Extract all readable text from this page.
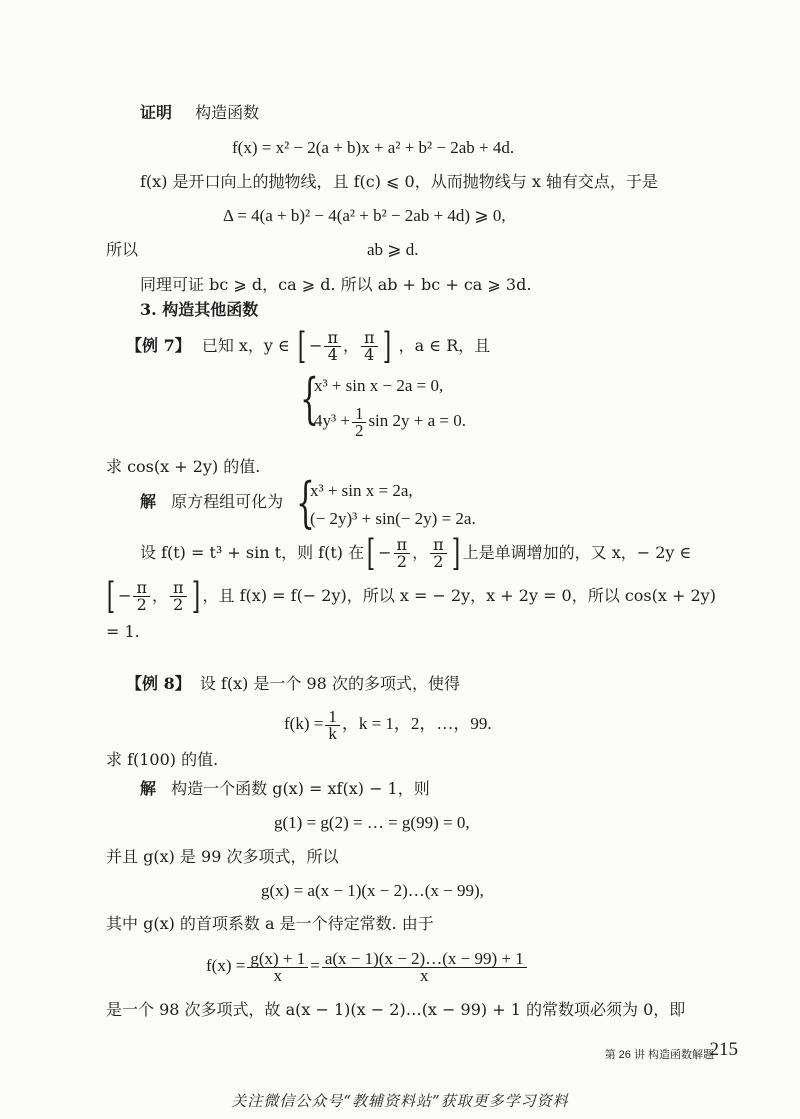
证明 构造函数
f(x) = x² − 2(a + b)x + a² + b² − 2ab + 4d.
f(x) 是开口向上的抛物线，且 f(c) ⩽ 0，从而抛物线与 x 轴有交点，于是
Δ = 4(a + b)² − 4(a² + b² − 2ab + 4d) ⩾ 0,
所以	ab ⩾ d.
同理可证 bc ⩾ d，ca ⩾ d. 所以 ab + bc + ca ⩾ 3d.
3. 构造其他函数
【例 7】 已知 x，y ∈ [ − $\frac{\pi}{4}$ ， $\frac{\pi}{4}$ ] ，a ∈ R，且
{
x³ + sin x − 2a = 0,
$4y^3 + \frac{1}{2}$ sin 2y + a = 0.
求 cos(x + 2y) 的值.
解 原方程组可化为 {
x³ + sin x = 2a,
(− 2y)³ + sin(− 2y) = 2a.
设 f(t) = t³ + sin t，则 f(t) 在[ − $\frac{\pi}{2}$ ， $\frac{\pi}{2}$ ] 上是单调增加的，又 x，− 2y ∈
[ − $\frac{\pi}{2}$ ， $\frac{\pi}{2}$ ] ，且 f(x) = f(− 2y)，所以 x = − 2y，x + 2y = 0，所以 cos(x + 2y)
= 1.
【例 8】 设 f(x) 是一个 98 次的多项式，使得
$f(k) = \frac{1}{k}$ ，k = 1，2，…，99.
求 f(100) 的值.
解 构造一个函数 g(x) = xf(x) − 1，则
g(1) = g(2) = … = g(99) = 0,
并且 g(x) 是 99 次多项式，所以
g(x) = a(x − 1)(x − 2)…(x − 99),
其中 g(x) 的首项系数 a 是一个待定常数. 由于
$f(x) = \frac{g(x) + 1}{x} = \frac{a(x - 1)(x - 2)\dots(x - 99) + 1}{x}$
是一个 98 次多项式，故 a(x − 1)(x − 2)…(x − 99) + 1 的常数项必须为 0，即
第 26 讲 构造函数解题
215
关注微信公众号“教辅资料站”获取更多学习资料
